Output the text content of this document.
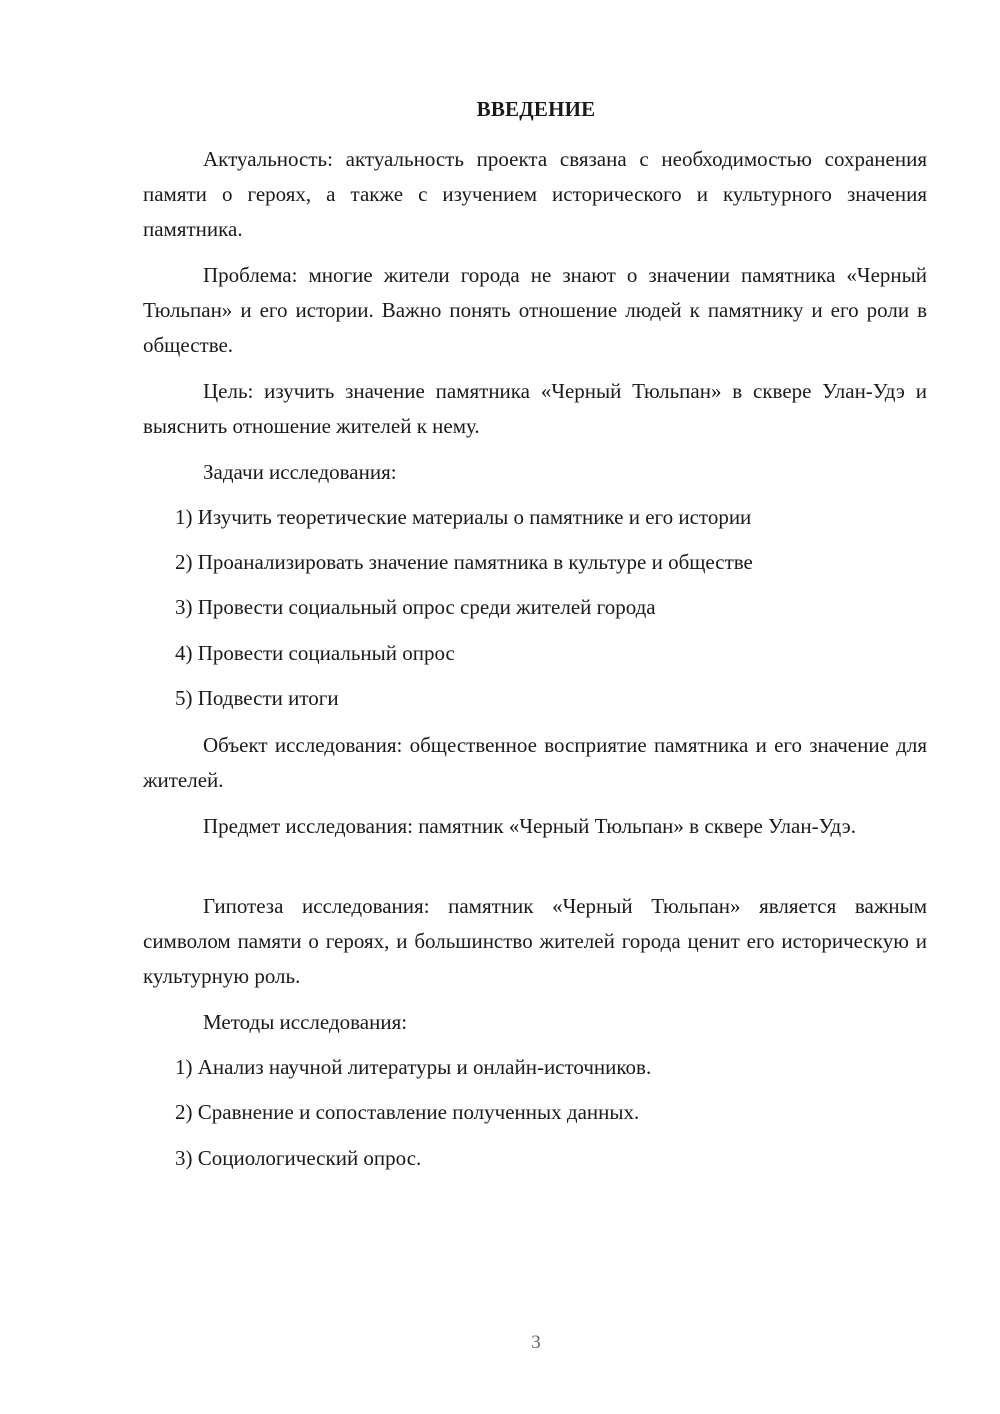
ВВЕДЕНИЕ

Актуальность: актуальность проекта связана с необходимостью сохранения памяти о героях, а также с изучением исторического и культурного значения памятника.

Проблема: многие жители города не знают о значении памятника «Черный Тюльпан» и его истории. Важно понять отношение людей к памятнику и его роли в обществе.

Цель: изучить значение памятника «Черный Тюльпан» в сквере Улан-Удэ и выяснить отношение жителей к нему.

Задачи исследования:

1) Изучить теоретические материалы о памятнике и его истории

2) Проанализировать значение памятника в культуре и обществе

3) Провести социальный опрос среди жителей города

4) Провести социальный опрос

5) Подвести итоги

Объект исследования: общественное восприятие памятника и его значение для жителей.

Предмет исследования: памятник «Черный Тюльпан» в сквере Улан-Удэ.

Гипотеза исследования: памятник «Черный Тюльпан» является важным символом памяти о героях, и большинство жителей города ценит его историческую и культурную роль.

Методы исследования:

1) Анализ научной литературы и онлайн-источников.

2) Сравнение и сопоставление полученных данных.

3) Социологический опрос.

3
